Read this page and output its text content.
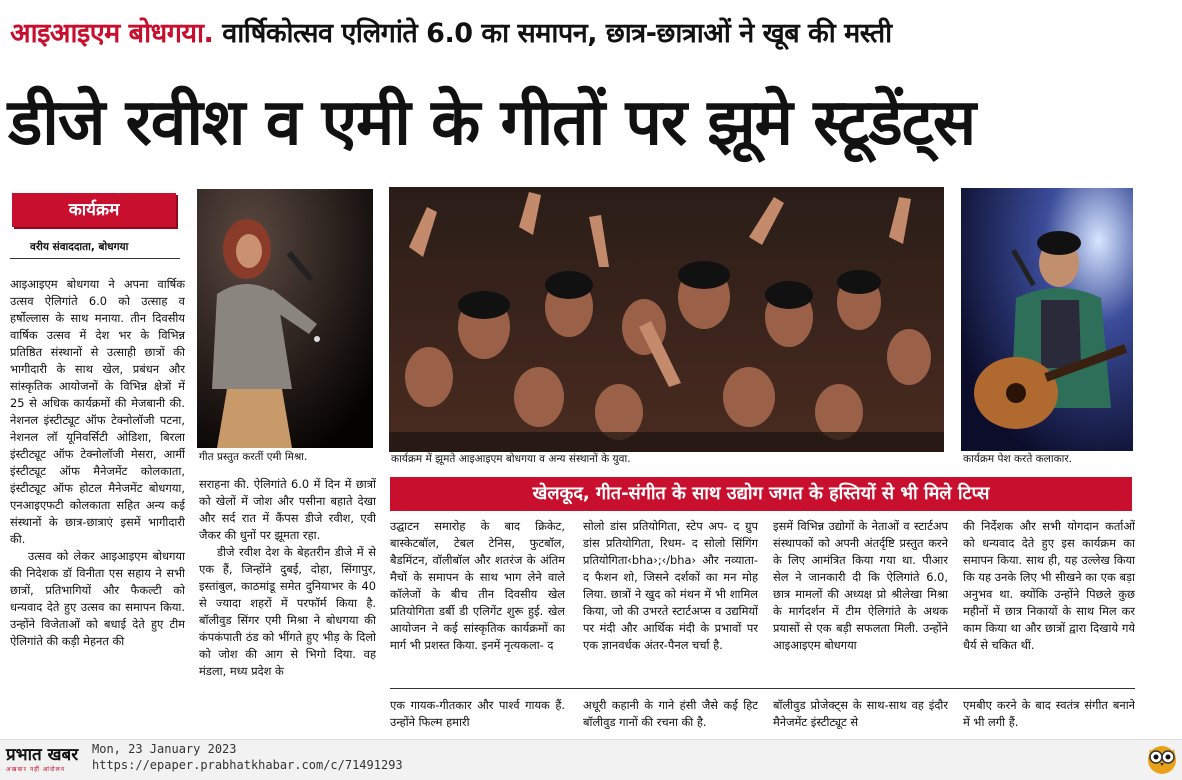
आइआइएम बोधगया. वार्षिकोत्सव एलिगांते 6.0 का समापन, छात्र-छात्राओं ने खूब की मस्ती
डीजे रवीश व एमी के गीतों पर झूमे स्टूडेंट्स
कार्यक्रम
वरीय संवाददाता, बोधगया

आइआइएम बोधगया ने अपना वार्षिक उत्सव ऐलिगांते 6.0 को उत्साह व हर्षोल्लास के साथ मनाया. तीन दिवसीय वार्षिक उत्सव में देश भर के विभिन्न प्रतिष्ठित संस्थानों से उत्साही छात्रों की भागीदारी के साथ खेल, प्रबंधन और सांस्कृतिक आयोजनों के विभिन्न क्षेत्रों में 25 से अधिक कार्यक्रमों की मेजबानी की. नेशनल इंस्टीट्यूट ऑफ टेक्नोलॉजी पटना, नेशनल लॉ यूनिवर्सिटी ओडिशा, बिरला इंस्टीट्यूट ऑफ टेक्नोलॉजी मेसरा, आर्मी इंस्टीट्यूट ऑफ मैनेजमेंट कोलकाता, इंस्टीट्यूट ऑफ होटल मैनेजमेंट बोधगया, एनआइएफटी कोलकाता सहित अन्य कई संस्थानों के छात्र-छात्राएं इसमें भागीदारी की.

उत्सव को लेकर आइआइएम बोधगया की निदेशक डॉ विनीता एस सहाय ने सभी छात्रों, प्रतिभागियों और फैकल्टी को धन्यवाद देते हुए उत्सव का समापन किया. उन्होंने विजेताओं को बधाई देते हुए टीम ऐलिगांते की कड़ी मेहनत की

गीत प्रस्तुत करतीं एमी मिश्रा.	कार्यक्रम में झूमते आइआइएम बोधगया व अन्य संस्थानों के युवा.	कार्यक्रम पेश करते कलाकार.

सराहना की. ऐलिगांते 6.0 में दिन में छात्रों को खेलों में जोश और पसीना बहाते देखा और सर्द रात में कैंपस डीजे रवीश, एवी जैकर की धुनों पर झूमता रहा.

डीजे रवीश देश के बेहतरीन डीजे में से एक हैं, जिन्होंने दुबई, दोहा, सिंगापुर, इस्तांबुल, काठमांडू समेत दुनियाभर के 40 से ज्यादा शहरों में परफॉर्म किया है. बॉलीवुड सिंगर एमी मिश्रा ने बोधगया की कंपकंपाती ठंड को भींगते हुए भीड़ के दिलो को जोश की आग से भिगो दिया. वह मंडला, मध्य प्रदेश के

खेलकूद, गीत-संगीत के साथ उद्योग जगत के हस्तियों से भी मिले टिप्स
उद्घाटन समारोह के बाद क्रिकेट, बास्केटबॉल, टेबल टेनिस, फुटबॉल, बैडमिंटन, वॉलीबॉल और शतरंज के अंतिम मैचों के समापन के साथ भाग लेने वाले कॉलेजों के बीच तीन दिवसीय खेल प्रतियोगिता डर्बी डी एलिगेंट शुरू हुई. खेल आयोजन ने कई सांस्कृतिक कार्यक्रमों का मार्ग भी प्रशस्त किया. इनमें नृत्यकला- द
सोलो डांस प्रतियोगिता, स्टेप अप- द ग्रुप डांस प्रतियोगिता, रिधम- द सोलो सिंगिंग प्रतियोगिता‹bha›;‹/bha› और नव्याता- द फैशन शो, जिसने दर्शकों का मन मोह लिया. छात्रों ने खुद को मंथन में भी शामिल किया, जो की उभरते स्टार्टअप्स व उद्यमियों पर मंदी और आर्थिक मंदी के प्रभावों पर एक ज्ञानवर्धक अंतर-पैनल चर्चा है.
इसमें विभिन्न उद्योगों के नेताओं व स्टार्टअप संस्थापकों को अपनी अंतर्दृष्टि प्रस्तुत करने के लिए आमंत्रित किया गया था. पीआर सेल ने जानकारी दी कि ऐलिगांते 6.0, छात्र मामलों की अध्यक्ष प्रो श्रीलेखा मिश्रा के मार्गदर्शन में टीम ऐलिगांते के अथक प्रयासों से एक बड़ी सफलता मिली. उन्होंने आइआइएम बोधगया
की निर्देशक और सभी योगदान कर्ताओं को धन्यवाद देते हुए इस कार्यक्रम का समापन किया. साथ ही, यह उल्लेख किया कि यह उनके लिए भी सीखने का एक बड़ा अनुभव था. क्योंकि उन्होंने पिछले कुछ महीनों में छात्र निकायों के साथ मिल कर काम किया था और छात्रों द्वारा दिखाये गये धैर्य से चकित थीं.
एक गायक-गीतकार और पार्श्व गायक हैं. उन्होंने फिल्म हमारी
अधूरी कहानी के गाने हंसी जैसे कई हिट बॉलीवुड गानों की रचना की है.
बॉलीवुड प्रोजेक्ट्स के साथ-साथ वह इंदौर मैनेजमेंट इंस्टीट्यूट से
एमबीए करने के बाद स्वतंत्र संगीत बनाने में भी लगी हैं.
प्रभात खबर
अखबार नहीं आंदोलन
Mon, 23 January 2023
https://epaper.prabhatkhabar.com/c/71491293
